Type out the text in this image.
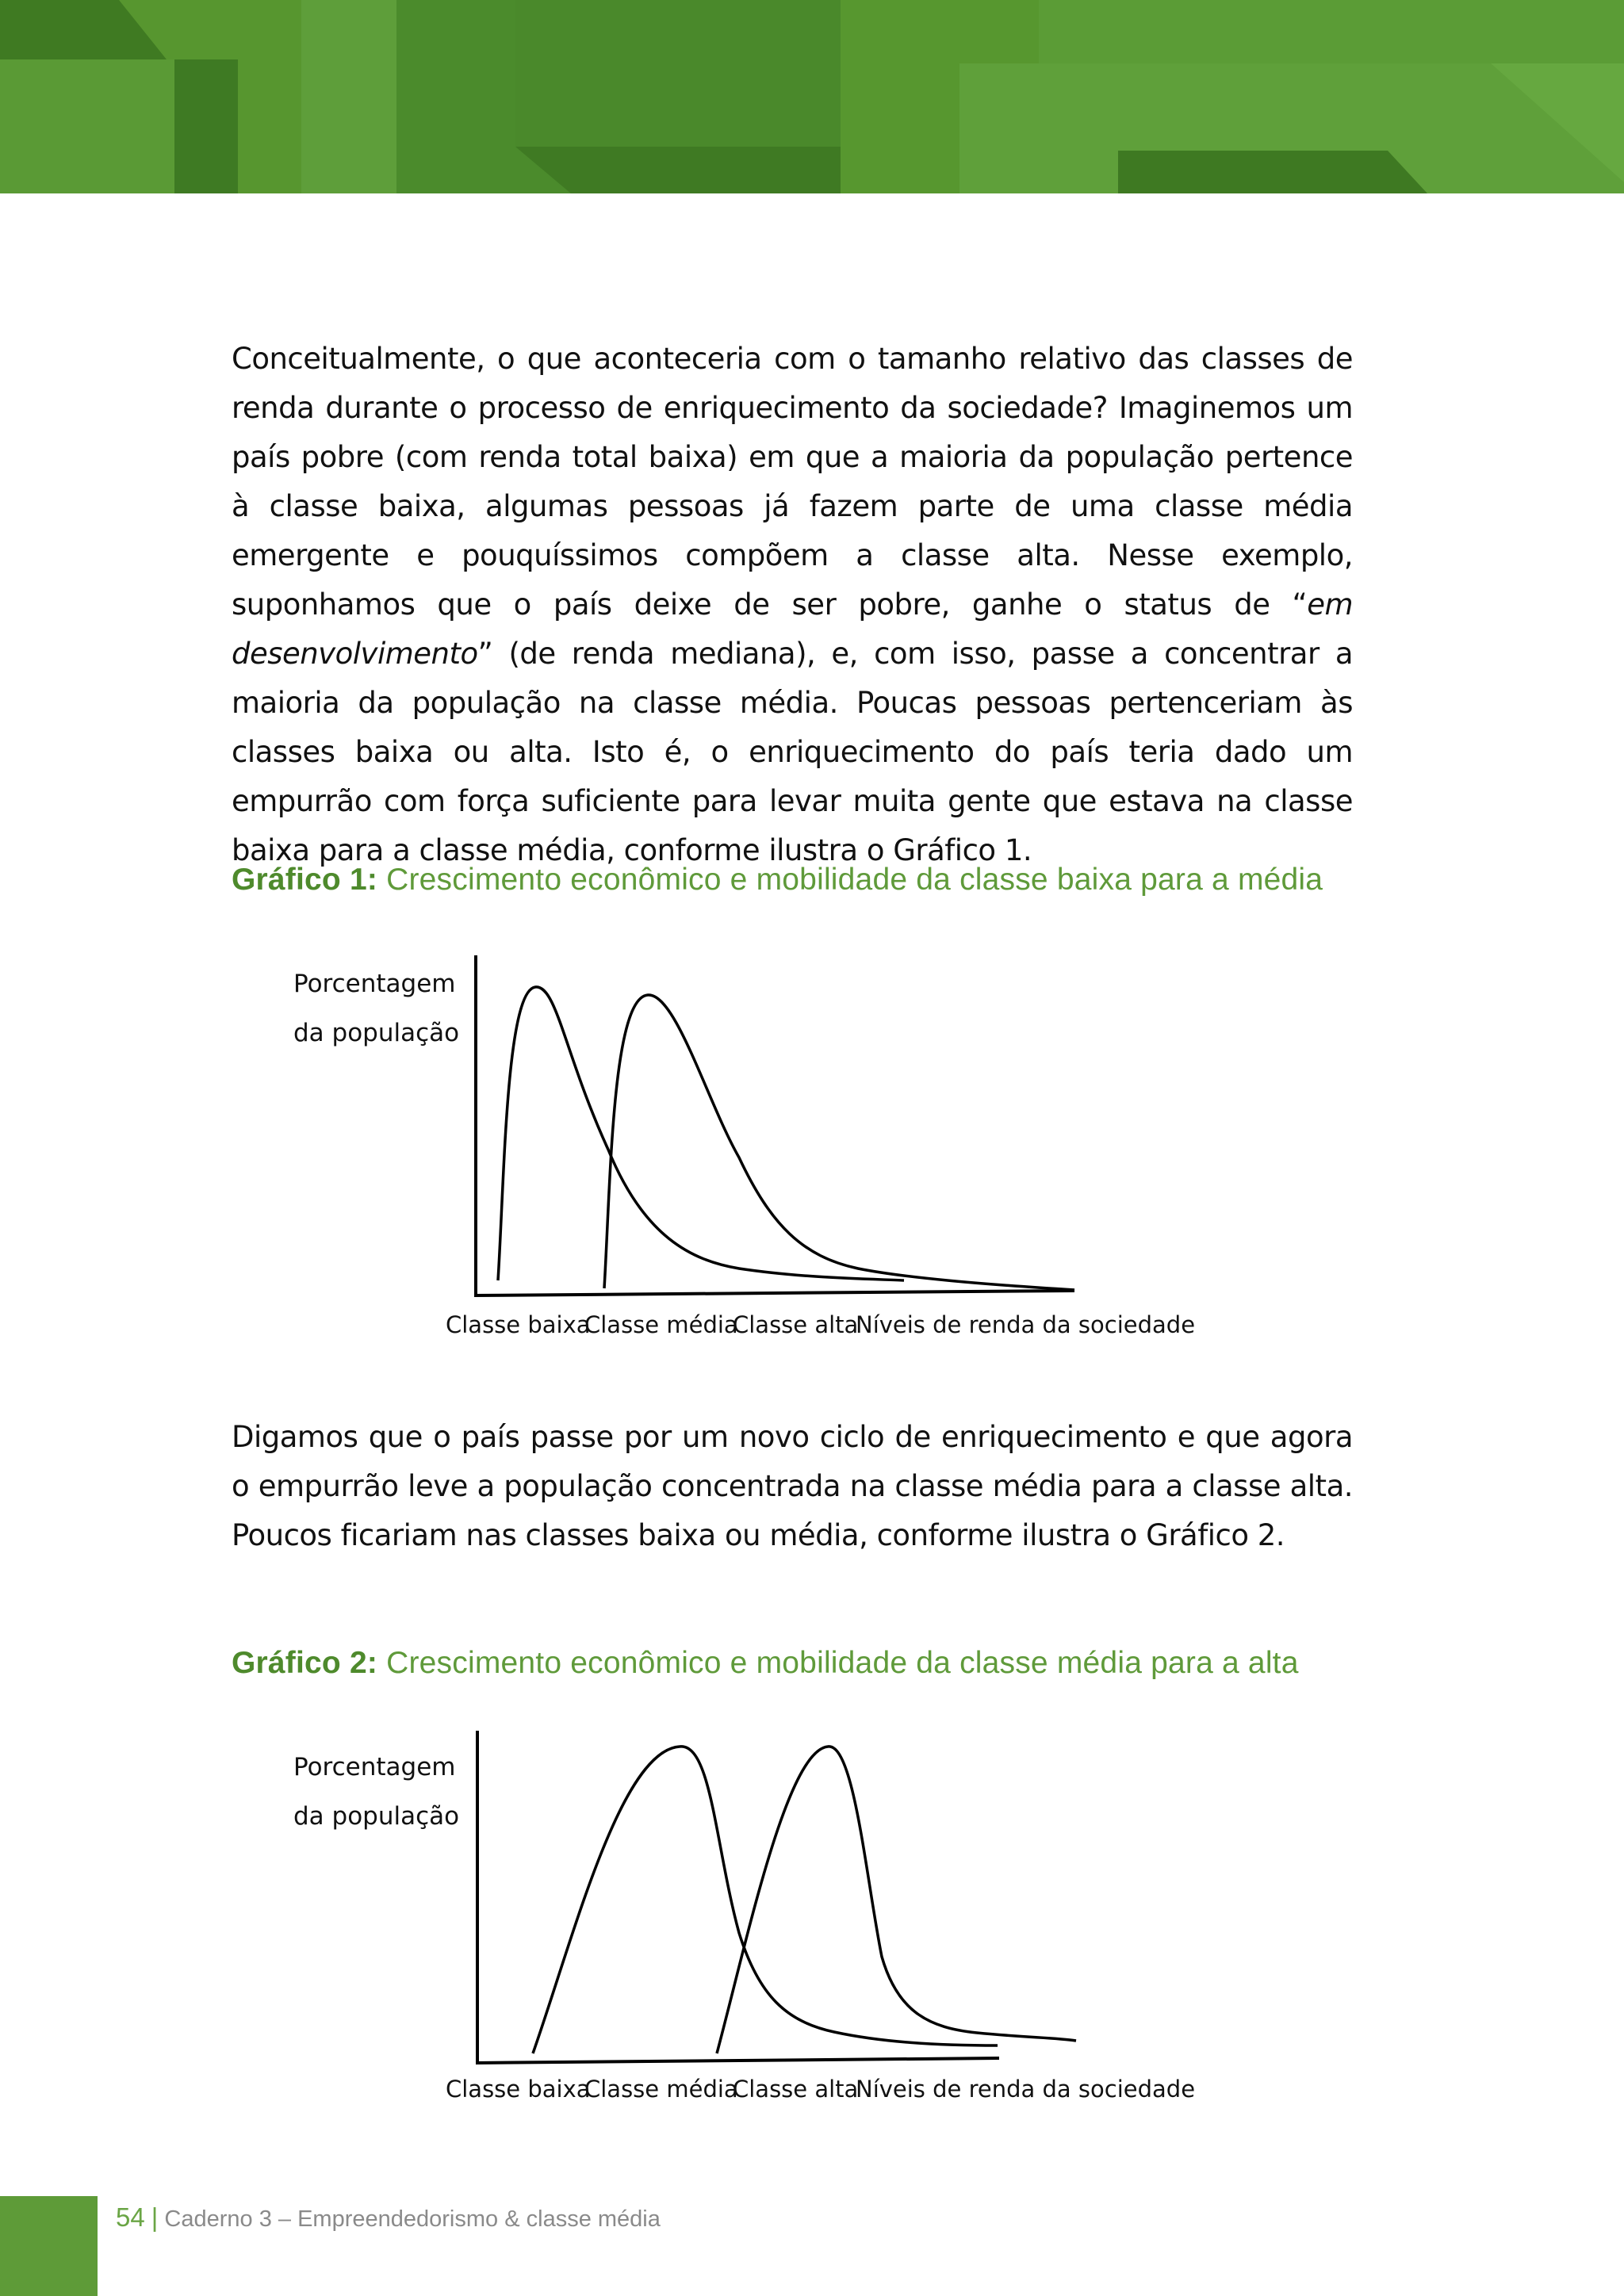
Conceitualmente, o que aconteceria com o tamanho relativo das classes de renda durante o processo de enriquecimento da sociedade? Imaginemos um país pobre (com renda total baixa) em que a maioria da população pertence à classe baixa, algumas pessoas já fazem parte de uma classe média emergente e pouquíssimos compõem a classe alta. Nesse exemplo, suponhamos que o país deixe de ser pobre, ganhe o status de “em desenvolvimento” (de renda mediana), e, com isso, passe a concentrar a maioria da população na classe média. Poucas pessoas pertenceriam às classes baixa ou alta. Isto é, o enriquecimento do país teria dado um empurrão com força suficiente para levar muita gente que estava na classe baixa para a classe média, conforme ilustra o Gráfico 1.

Gráfico 1: Crescimento econômico e mobilidade da classe baixa para a média
Porcentagem
da população
Classe baixa
Classe média
Classe alta
Níveis de renda da sociedade

Digamos que o país passe por um novo ciclo de enriquecimento e que agora o empurrão leve a população concentrada na classe média para a classe alta. Poucos ficariam nas classes baixa ou média, conforme ilustra o Gráfico 2.

Gráfico 2: Crescimento econômico e mobilidade da classe média para a alta
Porcentagem
da população
Classe baixa
Classe média
Classe alta
Níveis de renda da sociedade
54 | Caderno 3 – Empreendedorismo & classe média
